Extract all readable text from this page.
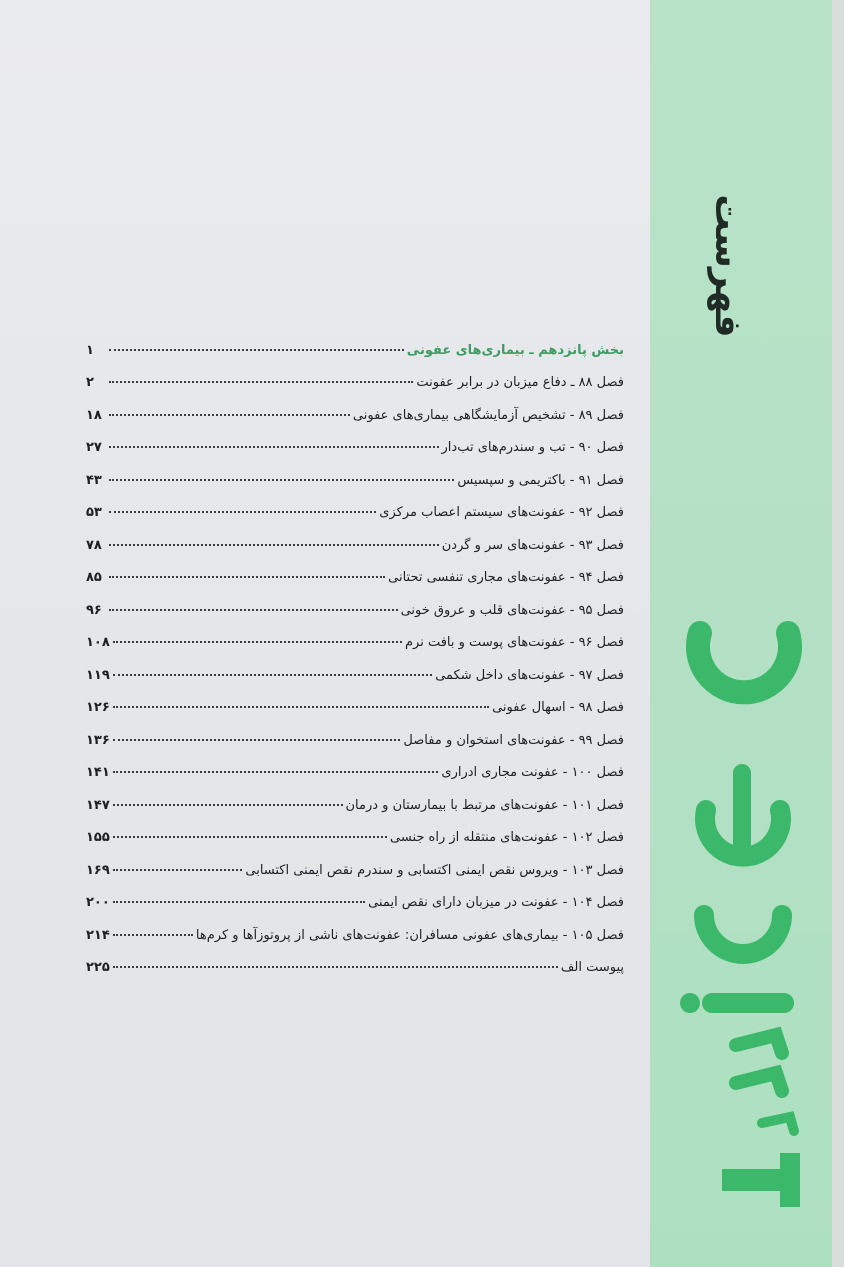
فهرست
بخش پانزدهم ـ بیماری‌های عفونی
۱
فصل ۸۸ ـ دفاع میزبان در برابر عفونت
۲
فصل ۸۹ - تشخیص آزمایشگاهی بیماری‌های عفونی
۱۸
فصل ۹۰ - تب و سندرم‌های تب‌دار
۲۷
فصل ۹۱ - باکتریمی و سپسیس
۴۳
فصل ۹۲ - عفونت‌های سیستم اعصاب مرکزی
۵۳
فصل ۹۳ - عفونت‌های سر و گردن
۷۸
فصل ۹۴ - عفونت‌های مجاری تنفسی تحتانی
۸۵
فصل ۹۵ - عفونت‌های قلب و عروق خونی
۹۶
فصل ۹۶ - عفونت‌های پوست و بافت نرم
۱۰۸
فصل ۹۷ - عفونت‌های داخل شکمی
۱۱۹
فصل ۹۸ - اسهال عفونی
۱۲۶
فصل ۹۹ - عفونت‌های استخوان و مفاصل
۱۳۶
فصل ۱۰۰ - عفونت مجاری ادراری
۱۴۱
فصل ۱۰۱ - عفونت‌های مرتبط با بیمارستان و درمان
۱۴۷
فصل ۱۰۲ - عفونت‌های منتقله از راه جنسی
۱۵۵
فصل ۱۰۳ - ویروس نقص ایمنی اکتسابی و سندرم نقص ایمنی اکتسابی
۱۶۹
فصل ۱۰۴ - عفونت در میزبان دارای نقص ایمنی
۲۰۰
فصل ۱۰۵ - بیماری‌های عفونی مسافران: عفونت‌های ناشی از پروتوزآها و کرم‌ها
۲۱۴
پیوست الف
۲۲۵
